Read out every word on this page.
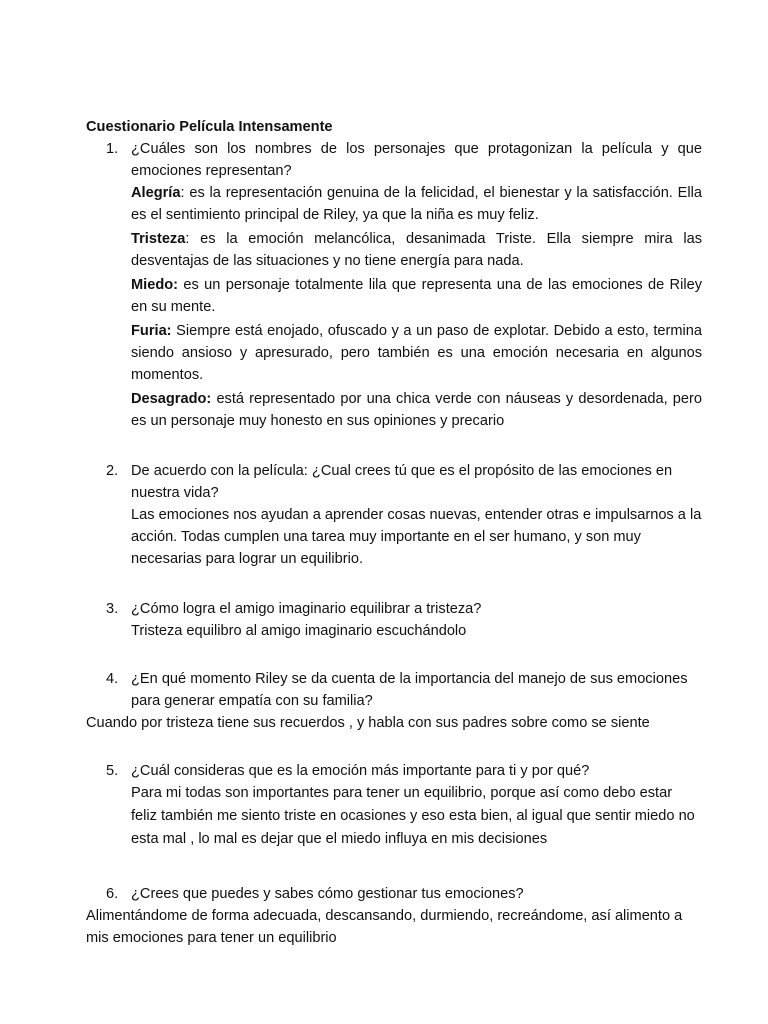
Cuestionario Película Intensamente

1. ¿Cuáles son los nombres de los personajes que protagonizan la película y que emociones representan?

Alegría: es la representación genuina de la felicidad, el bienestar y la satisfacción. Ella es el sentimiento principal de Riley, ya que la niña es muy feliz.

Tristeza: es la emoción melancólica, desanimada Triste. Ella siempre mira las desventajas de las situaciones y no tiene energía para nada.

Miedo: es un personaje totalmente lila que representa una de las emociones de Riley en su mente.

Furia: Siempre está enojado, ofuscado y a un paso de explotar. Debido a esto, termina siendo ansioso y apresurado, pero también es una emoción necesaria en algunos momentos.

Desagrado: está representado por una chica verde con náuseas y desordenada, pero es un personaje muy honesto en sus opiniones y precario

2. De acuerdo con la película: ¿Cual crees tú que es el propósito de las emociones en nuestra vida?

Las emociones nos ayudan a aprender cosas nuevas, entender otras e impulsarnos a la acción. Todas cumplen una tarea muy importante en el ser humano, y son muy necesarias para lograr un equilibrio.

3. ¿Cómo logra el amigo imaginario equilibrar a tristeza?

Tristeza equilibro al amigo imaginario escuchándolo

4. ¿En qué momento Riley se da cuenta de la importancia del manejo de sus emociones para generar empatía con su familia?

Cuando por tristeza tiene sus recuerdos , y habla con sus padres sobre como se siente

5. ¿Cuál consideras que es la emoción más importante para ti y por qué?

Para mi todas son importantes para tener un equilibrio, porque así como debo estar feliz también me siento triste en ocasiones y eso esta bien, al igual que sentir miedo no esta mal , lo mal es dejar que el miedo influya en mis decisiones

6. ¿Crees que puedes y sabes cómo gestionar tus emociones?

Alimentándome de forma adecuada, descansando, durmiendo, recreándome, así alimento a mis emociones para tener un equilibrio
